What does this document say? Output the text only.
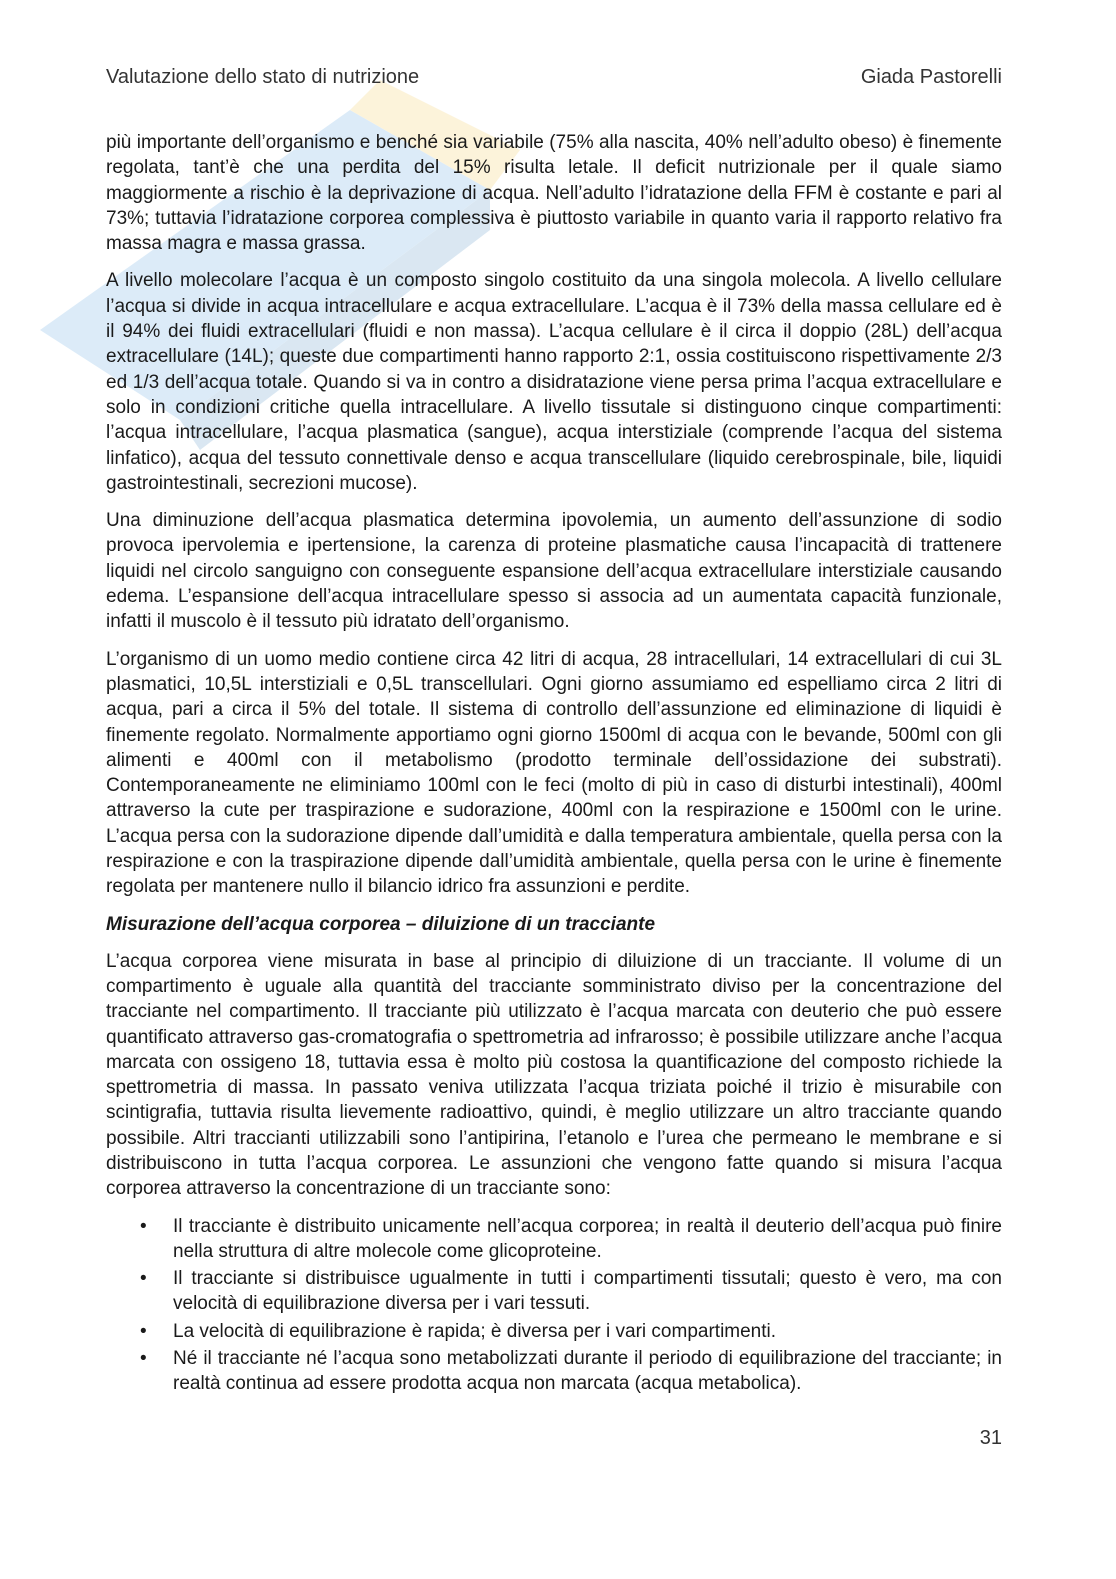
Valutazione dello stato di nutrizione	Giada Pastorelli

più importante dell’organismo e benché sia variabile (75% alla nascita, 40% nell’adulto obeso) è finemente regolata, tant’è che una perdita del 15% risulta letale. Il deficit nutrizionale per il quale siamo maggiormente a rischio è la deprivazione di acqua. Nell’adulto l’idratazione della FFM è costante e pari al 73%; tuttavia l’idratazione corporea complessiva è piuttosto variabile in quanto varia il rapporto relativo fra massa magra e massa grassa.

A livello molecolare l’acqua è un composto singolo costituito da una singola molecola. A livello cellulare l’acqua si divide in acqua intracellulare e acqua extracellulare. L’acqua è il 73% della massa cellulare ed è il 94% dei fluidi extracellulari (fluidi e non massa). L’acqua cellulare è il circa il doppio (28L) dell’acqua extracellulare (14L); queste due compartimenti hanno rapporto 2:1, ossia costituiscono rispettivamente 2/3 ed 1/3 dell’acqua totale. Quando si va in contro a disidratazione viene persa prima l’acqua extracellulare e solo in condizioni critiche quella intracellulare. A livello tissutale si distinguono cinque compartimenti: l’acqua intracellulare, l’acqua plasmatica (sangue), acqua interstiziale (comprende l’acqua del sistema linfatico), acqua del tessuto connettivale denso e acqua transcellulare (liquido cerebrospinale, bile, liquidi gastrointestinali, secrezioni mucose).

Una diminuzione dell’acqua plasmatica determina ipovolemia, un aumento dell’assunzione di sodio provoca ipervolemia e ipertensione, la carenza di proteine plasmatiche causa l’incapacità di trattenere liquidi nel circolo sanguigno con conseguente espansione dell’acqua extracellulare interstiziale causando edema. L’espansione dell’acqua intracellulare spesso si associa ad un aumentata capacità funzionale, infatti il muscolo è il tessuto più idratato dell’organismo.

L’organismo di un uomo medio contiene circa 42 litri di acqua, 28 intracellulari, 14 extracellulari di cui 3L plasmatici, 10,5L interstiziali e 0,5L transcellulari. Ogni giorno assumiamo ed espelliamo circa 2 litri di acqua, pari a circa il 5% del totale. Il sistema di controllo dell’assunzione ed eliminazione di liquidi è finemente regolato. Normalmente apportiamo ogni giorno 1500ml di acqua con le bevande, 500ml con gli alimenti e 400ml con il metabolismo (prodotto terminale dell’ossidazione dei substrati). Contemporaneamente ne eliminiamo 100ml con le feci (molto di più in caso di disturbi intestinali), 400ml attraverso la cute per traspirazione e sudorazione, 400ml con la respirazione e 1500ml con le urine. L’acqua persa con la sudorazione dipende dall’umidità e dalla temperatura ambientale, quella persa con la respirazione e con la traspirazione dipende dall’umidità ambientale, quella persa con le urine è finemente regolata per mantenere nullo il bilancio idrico fra assunzioni e perdite.

Misurazione dell’acqua corporea – diluizione di un tracciante

L’acqua corporea viene misurata in base al principio di diluizione di un tracciante. Il volume di un compartimento è uguale alla quantità del tracciante somministrato diviso per la concentrazione del tracciante nel compartimento. Il tracciante più utilizzato è l’acqua marcata con deuterio che può essere quantificato attraverso gas-cromatografia o spettrometria ad infrarosso; è possibile utilizzare anche l’acqua marcata con ossigeno 18, tuttavia essa è molto più costosa la quantificazione del composto richiede la spettrometria di massa. In passato veniva utilizzata l’acqua triziata poiché il trizio è misurabile con scintigrafia, tuttavia risulta lievemente radioattivo, quindi, è meglio utilizzare un altro tracciante quando possibile. Altri traccianti utilizzabili sono l’antipirina, l’etanolo e l’urea che permeano le membrane e si distribuiscono in tutta l’acqua corporea. Le assunzioni che vengono fatte quando si misura l’acqua corporea attraverso la concentrazione di un tracciante sono:

• Il tracciante è distribuito unicamente nell’acqua corporea; in realtà il deuterio dell’acqua può finire nella struttura di altre molecole come glicoproteine.
• Il tracciante si distribuisce ugualmente in tutti i compartimenti tissutali; questo è vero, ma con velocità di equilibrazione diversa per i vari tessuti.
• La velocità di equilibrazione è rapida; è diversa per i vari compartimenti.
• Né il tracciante né l’acqua sono metabolizzati durante il periodo di equilibrazione del tracciante; in realtà continua ad essere prodotta acqua non marcata (acqua metabolica).
31
